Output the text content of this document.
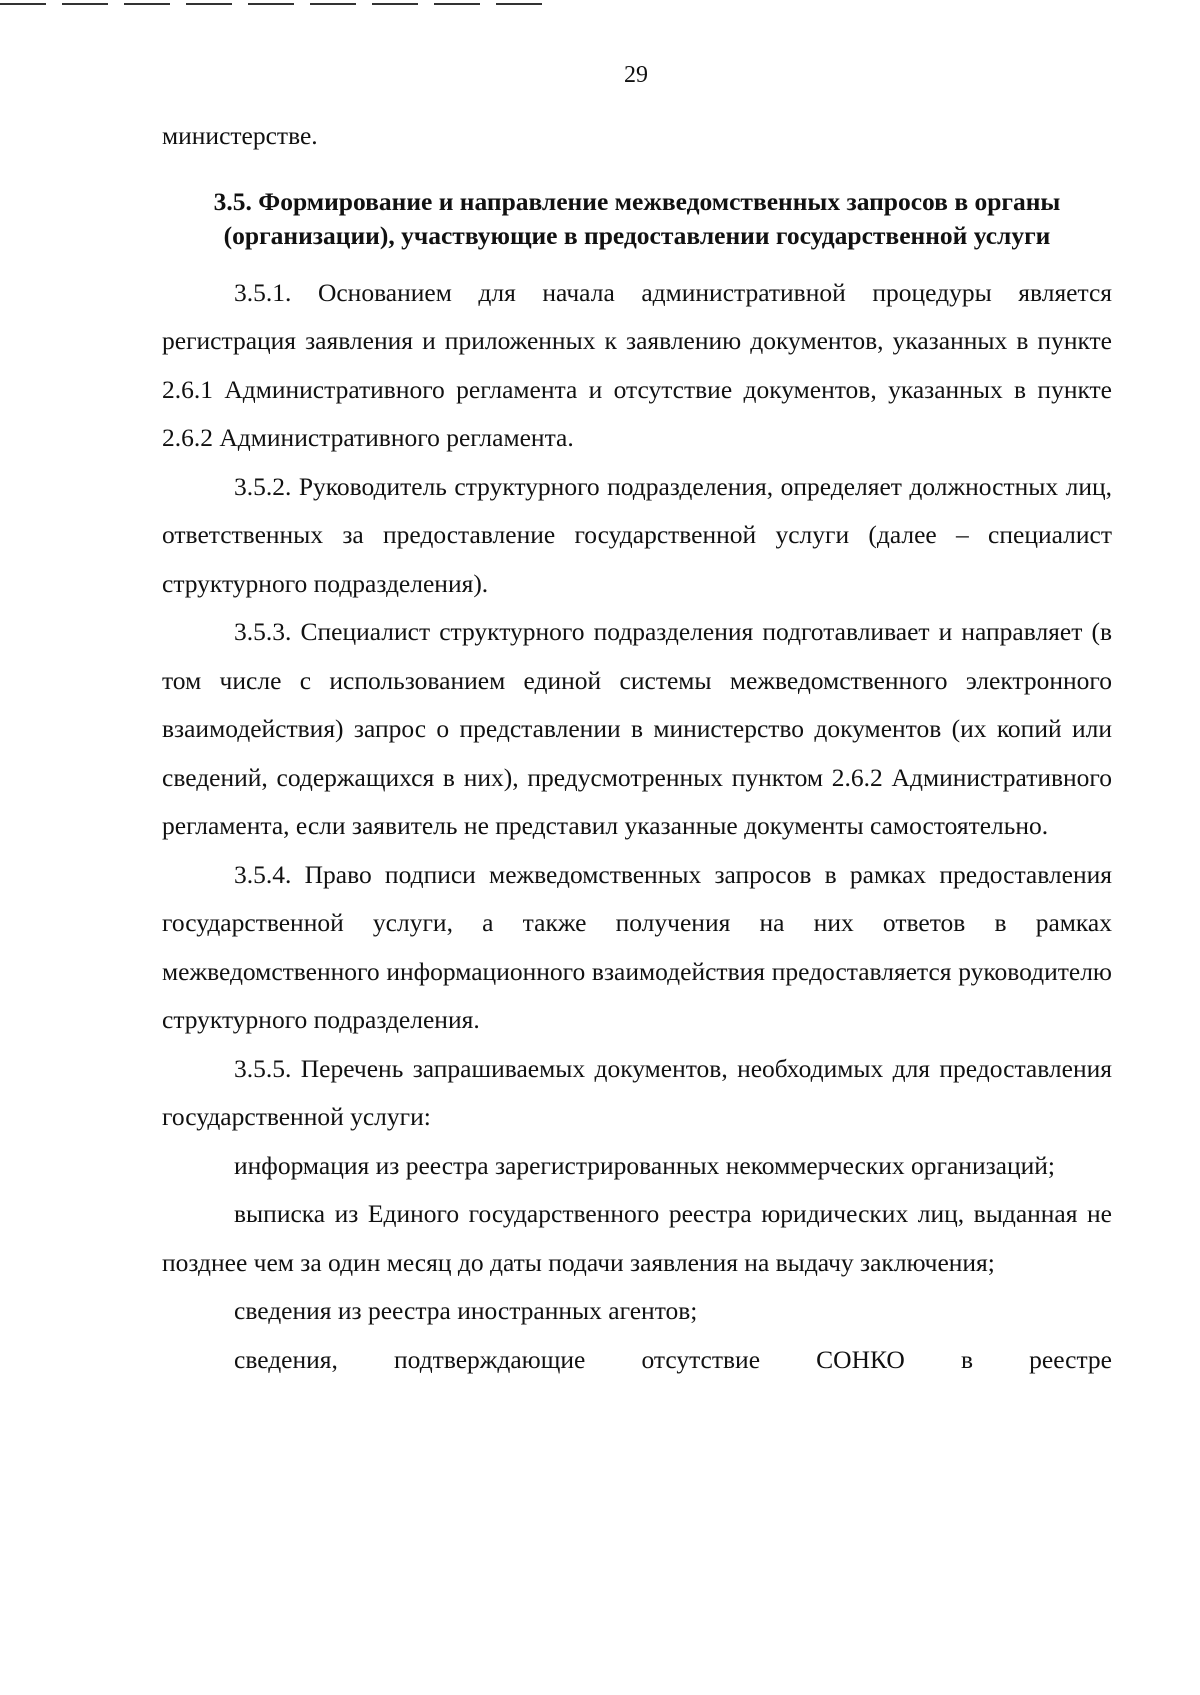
29

министерстве.

3.5. Формирование и направление межведомственных запросов в органы
(организации), участвующие в предоставлении государственной услуги

3.5.1. Основанием для начала административной процедуры является регистрация заявления и приложенных к заявлению документов, указанных в пункте 2.6.1 Административного регламента и отсутствие документов, указанных в пункте 2.6.2 Административного регламента.

3.5.2. Руководитель структурного подразделения, определяет должностных лиц, ответственных за предоставление государственной услуги (далее – специалист структурного подразделения).

3.5.3. Специалист структурного подразделения подготавливает и направляет (в том числе с использованием единой системы межведомственного электронного взаимодействия) запрос о представлении в министерство документов (их копий или сведений, содержащихся в них), предусмотренных пунктом 2.6.2 Административного регламента, если заявитель не представил указанные документы самостоятельно.

3.5.4. Право подписи межведомственных запросов в рамках предоставления государственной услуги, а также получения на них ответов в рамках межведомственного информационного взаимодействия предоставляется руководителю структурного подразделения.

3.5.5. Перечень запрашиваемых документов, необходимых для предоставления государственной услуги:

информация из реестра зарегистрированных некоммерческих организаций;

выписка из Единого государственного реестра юридических лиц, выданная не позднее чем за один месяц до даты подачи заявления на выдачу заключения;

сведения из реестра иностранных агентов;

сведения, подтверждающие отсутствие СОНКО в реестре
